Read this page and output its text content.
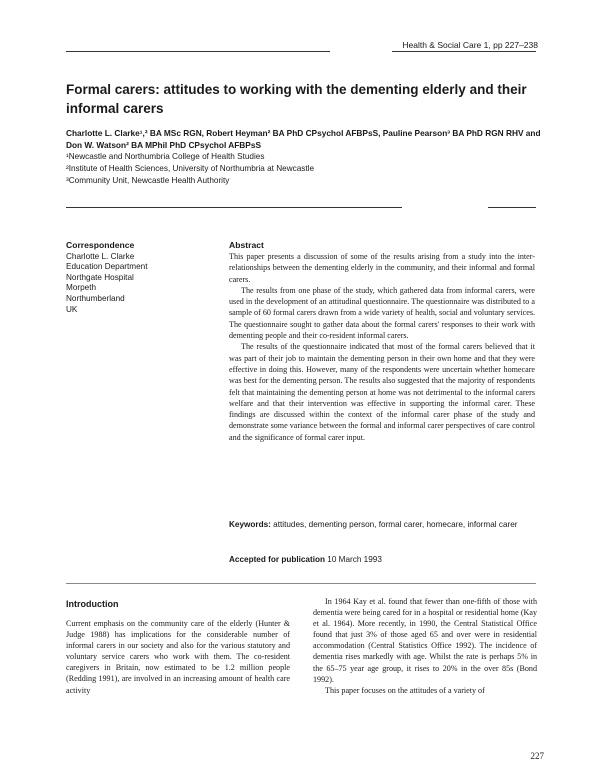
Health & Social Care 1, pp 227–238
Formal carers: attitudes to working with the dementing elderly and their informal carers
Charlotte L. Clarke¹,² BA MSc RGN, Robert Heyman² BA PhD CPsychol AFBPsS, Pauline Pearson³ BA PhD RGN RHV and Don W. Watson² BA MPhil PhD CPsychol AFBPsS
¹Newcastle and Northumbria College of Health Studies
²Institute of Health Sciences, University of Northumbria at Newcastle
³Community Unit, Newcastle Health Authority
Correspondence
Charlotte L. Clarke
Education Department
Northgate Hospital
Morpeth
Northumberland
UK
Abstract

This paper presents a discussion of some of the results arising from a study into the inter-relationships between the dementing elderly in the community, and their informal and formal carers.

The results from one phase of the study, which gathered data from informal carers, were used in the development of an attitudinal questionnaire. The questionnaire was distributed to a sample of 60 formal carers drawn from a wide variety of health, social and voluntary services. The questionnaire sought to gather data about the formal carers' responses to their work with dementing people and their co-resident informal carers.

The results of the questionnaire indicated that most of the formal carers believed that it was part of their job to maintain the dementing person in their own home and that they were effective in doing this. However, many of the respondents were uncertain whether homecare was best for the dementing person. The results also suggested that the majority of respondents felt that maintaining the dementing person at home was not detrimental to the informal carers welfare and that their intervention was effective in supporting the informal carer. These findings are discussed within the context of the informal carer phase of the study and demonstrate some variance between the formal and informal carer perspectives of care control and the significance of formal carer input.

Keywords: attitudes, dementing person, formal carer, homecare, informal carer
Accepted for publication 10 March 1993
Introduction

Current emphasis on the community care of the elderly (Hunter & Judge 1988) has implications for the considerable number of informal carers in our society and also for the various statutory and voluntary service carers who work with them. The co-resident caregivers in Britain, now estimated to be 1.2 million people (Redding 1991), are involved in an increasing amount of health care activity

In 1964 Kay et al. found that fewer than one-fifth of those with dementia were being cared for in a hospital or residential home (Kay et al. 1964). More recently, in 1990, the Central Statistical Office found that just 3% of those aged 65 and over were in residential accommodation (Central Statistics Office 1992). The incidence of dementia rises markedly with age. Whilst the rate is perhaps 5% in the 65–75 year age group, it rises to 20% in the over 85s (Bond 1992).

This paper focuses on the attitudes of a variety of

227
